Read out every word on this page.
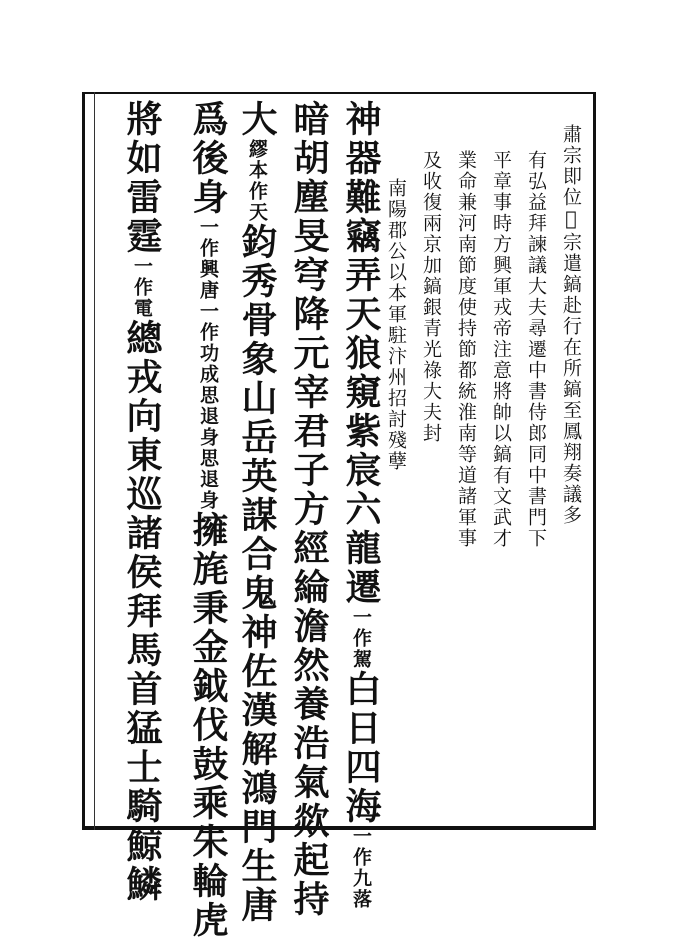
肅宗即位𫝀宗遣鎬赴行在所鎬至鳳翔奏議多
有弘益拜諫議大夫尋遷中書侍郎同中書門下
平章事時方興軍戎帝注意將帥以鎬有文武才
業命兼河南節度使持節都統淮南等道諸軍事
及收復兩京加鎬銀青光祿大夫封
南陽郡公以本軍駐汴州招討殘孽
神器難竊弄天狼窺紫宸六龍遷一作駕白日四海一作九落
暗胡塵旻穹降元宰君子方經綸澹然養浩氣欻起持
大繆本作天鈞秀骨象山岳英謀合鬼神佐漢解鴻門生唐
爲後身一作興唐一作功成思退身思退身擁旄秉金鉞伐鼓乘朱輪虎
將如雷霆一作電總戎向東巡諸侯拜馬首猛士騎鯨鱗
